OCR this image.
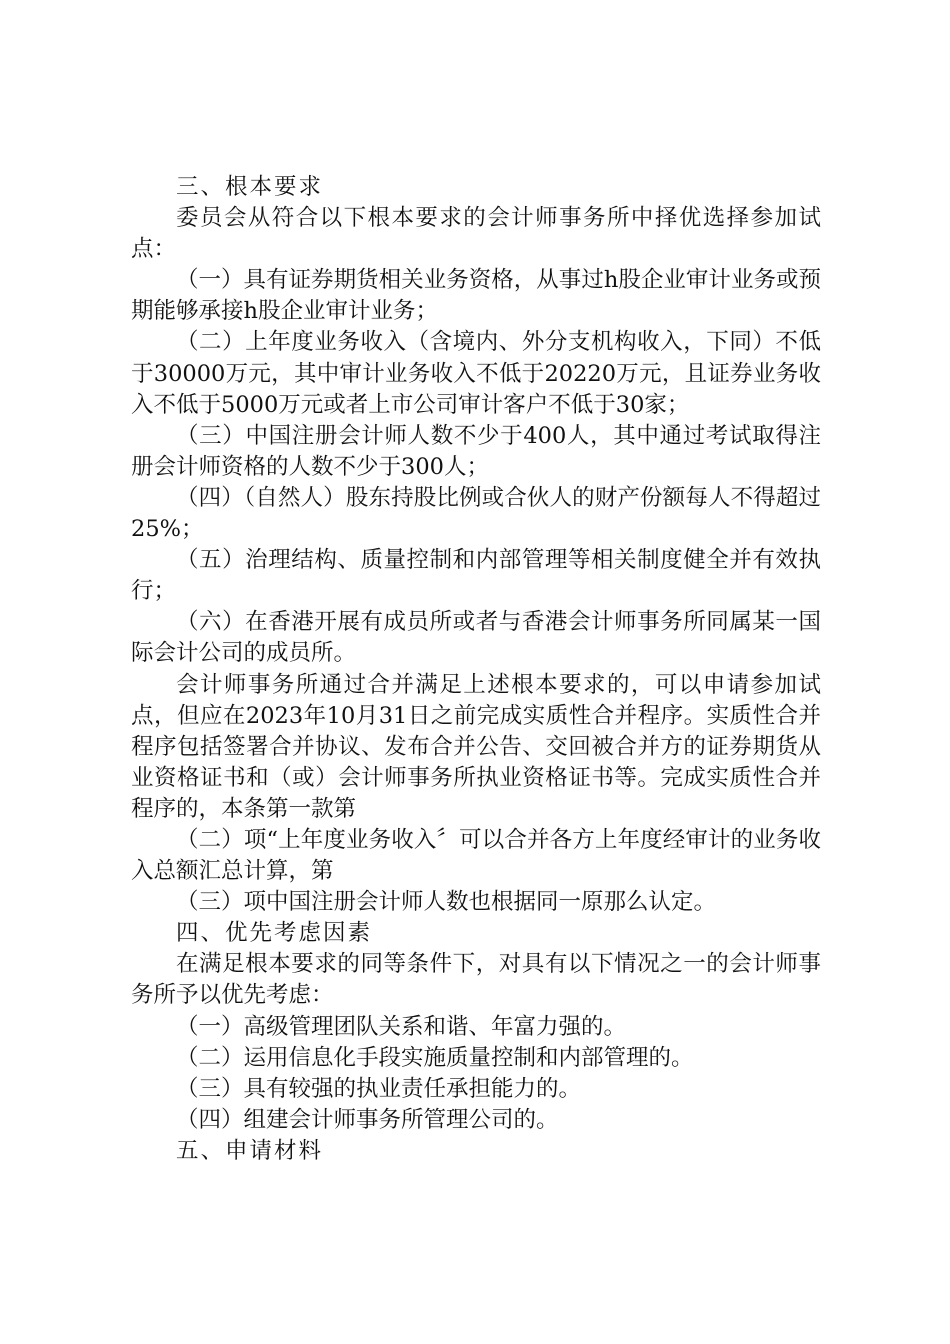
三、根本要求

委员会从符合以下根本要求的会计师事务所中择优选择参加试点：

（一）具有证券期货相关业务资格，从事过h股企业审计业务或预期能够承接h股企业审计业务；

（二）上年度业务收入（含境内、外分支机构收入，下同）不低于30000万元，其中审计业务收入不低于20220万元，且证券业务收入不低于5000万元或者上市公司审计客户不低于30家；

（三）中国注册会计师人数不少于400人，其中通过考试取得注册会计师资格的人数不少于300人；

（四）（自然人）股东持股比例或合伙人的财产份额每人不得超过25%；

（五）治理结构、质量控制和内部管理等相关制度健全并有效执行；

（六）在香港开展有成员所或者与香港会计师事务所同属某一国际会计公司的成员所。

会计师事务所通过合并满足上述根本要求的，可以申请参加试点，但应在2023年10月31日之前完成实质性合并程序。实质性合并程序包括签署合并协议、发布合并公告、交回被合并方的证券期货从业资格证书和（或）会计师事务所执业资格证书等。完成实质性合并程序的，本条第一款第

（二）项“上年度业务收入〞可以合并各方上年度经审计的业务收入总额汇总计算，第

（三）项中国注册会计师人数也根据同一原那么认定。

四、优先考虑因素

在满足根本要求的同等条件下，对具有以下情况之一的会计师事务所予以优先考虑：

（一）高级管理团队关系和谐、年富力强的。

（二）运用信息化手段实施质量控制和内部管理的。

（三）具有较强的执业责任承担能力的。

（四）组建会计师事务所管理公司的。

五、申请材料
